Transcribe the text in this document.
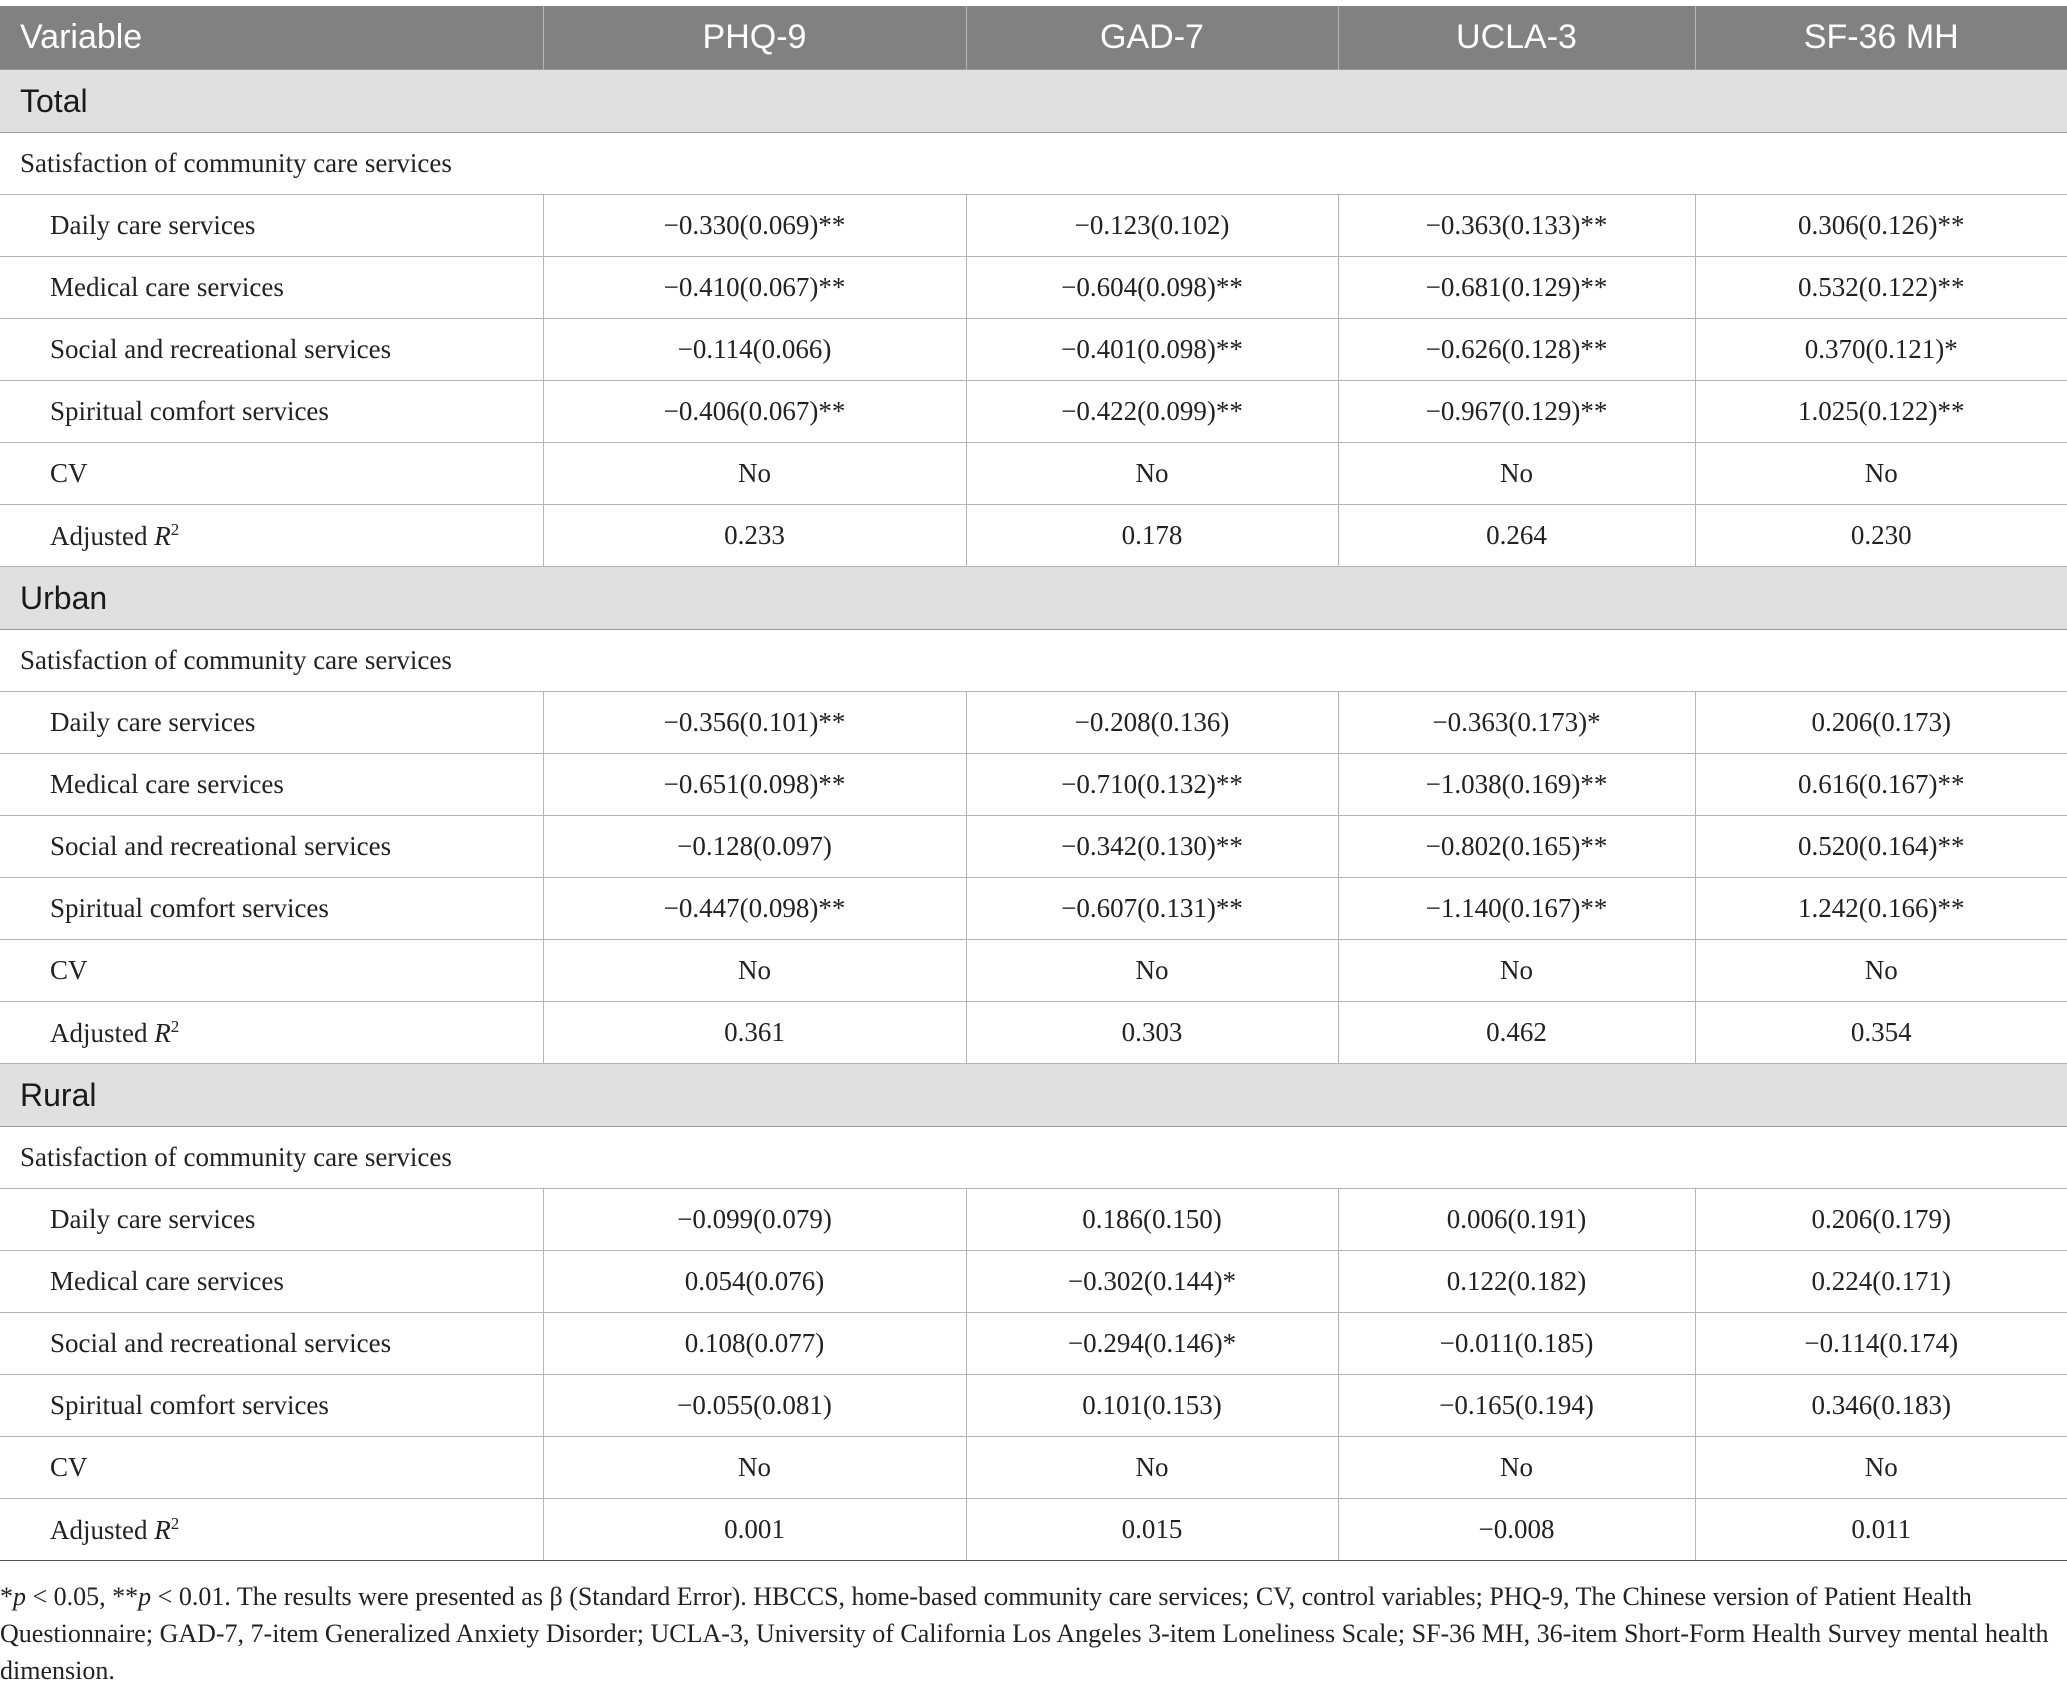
Variable	PHQ-9	GAD-7	UCLA-3	SF-36 MH
Total				
Satisfaction of community care services				
Daily care services	−0.330(0.069)**	−0.123(0.102)	−0.363(0.133)**	0.306(0.126)**
Medical care services	−0.410(0.067)**	−0.604(0.098)**	−0.681(0.129)**	0.532(0.122)**
Social and recreational services	−0.114(0.066)	−0.401(0.098)**	−0.626(0.128)**	0.370(0.121)*
Spiritual comfort services	−0.406(0.067)**	−0.422(0.099)**	−0.967(0.129)**	1.025(0.122)**
CV	No	No	No	No
Adjusted $R^2$	0.233	0.178	0.264	0.230
Urban				
Satisfaction of community care services				
Daily care services	−0.356(0.101)**	−0.208(0.136)	−0.363(0.173)*	0.206(0.173)
Medical care services	−0.651(0.098)**	−0.710(0.132)**	−1.038(0.169)**	0.616(0.167)**
Social and recreational services	−0.128(0.097)	−0.342(0.130)**	−0.802(0.165)**	0.520(0.164)**
Spiritual comfort services	−0.447(0.098)**	−0.607(0.131)**	−1.140(0.167)**	1.242(0.166)**
CV	No	No	No	No
Adjusted $R^2$	0.361	0.303	0.462	0.354
Rural				
Satisfaction of community care services				
Daily care services	−0.099(0.079)	0.186(0.150)	0.006(0.191)	0.206(0.179)
Medical care services	0.054(0.076)	−0.302(0.144)*	0.122(0.182)	0.224(0.171)
Social and recreational services	0.108(0.077)	−0.294(0.146)*	−0.011(0.185)	−0.114(0.174)
Spiritual comfort services	−0.055(0.081)	0.101(0.153)	−0.165(0.194)	0.346(0.183)
CV	No	No	No	No
Adjusted $R^2$	0.001	0.015	−0.008	0.011
*p < 0.05, **p < 0.01. The results were presented as β (Standard Error). HBCCS, home-based community care services; CV, control variables; PHQ-9, The Chinese version of Patient Health Questionnaire; GAD-7, 7-item Generalized Anxiety Disorder; UCLA-3, University of California Los Angeles 3-item Loneliness Scale; SF-36 MH, 36-item Short-Form Health Survey mental health dimension.
